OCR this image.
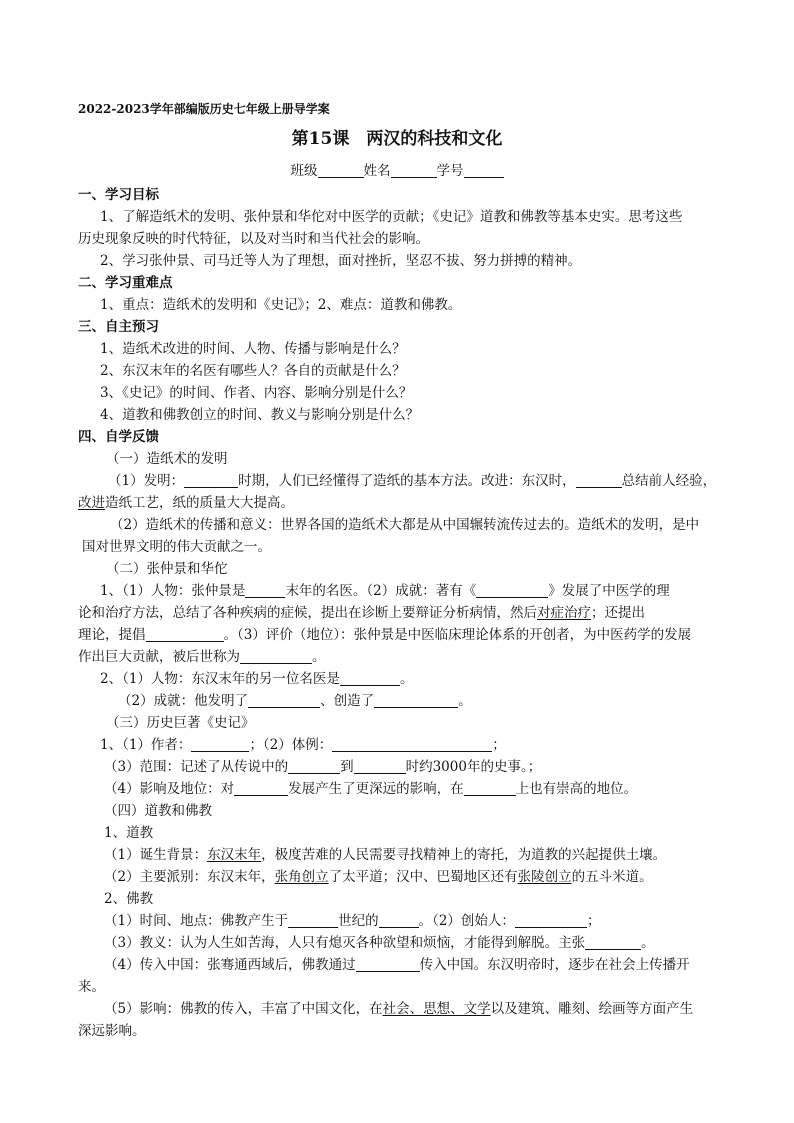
2022-2023学年部编版历史七年级上册导学案
第15课　两汉的科技和文化
班级	姓名	学号
一、学习目标
1、了解造纸术的发明、张仲景和华佗对中医学的贡献；《史记》道教和佛教等基本史实。思考这些
历史现象反映的时代特征，以及对当时和当代社会的影响。
2、学习张仲景、司马迁等人为了理想，面对挫折，坚忍不拔、努力拼搏的精神。
二、学习重难点
1、重点：造纸术的发明和《史记》；2、难点：道教和佛教。
三、自主预习
1、造纸术改进的时间、人物、传播与影响是什么？
2、东汉末年的名医有哪些人？各自的贡献是什么？
3、《史记》的时间、作者、内容、影响分别是什么？
4、道教和佛教创立的时间、教义与影响分别是什么？
四、自学反馈
（一）造纸术的发明
（1）发明：	时期，人们已经懂得了造纸的基本方法。改进：东汉时，	总结前人经验，
改进造纸工艺，纸的质量大大提高。
（2）造纸术的传播和意义：世界各国的造纸术大都是从中国辗转流传过去的。造纸术的发明，是中
国对世界文明的伟大贡献之一。
（二）张仲景和华佗
1、（1）人物：张仲景是	末年的名医。（2）成就：著有《	》发展了中医学的理
论和治疗方法，总结了各种疾病的症候，提出在诊断上要辩证分析病情，然后对症治疗；还提出
理论，提倡	。（3）评价（地位）：张仲景是中医临床理论体系的开创者，为中医药学的发展
作出巨大贡献，被后世称为	。
2、（1）人物：东汉末年的另一位名医是	。
（2）成就：他发明了	、创造了	。
（三）历史巨著《史记》
1、（1）作者：	；（2）体例：	；
（3）范围：记述了从传说中的	到	时约3000年的史事。；
（4）影响及地位：对	发展产生了更深远的影响，在	上也有崇高的地位。
（四）道教和佛教
1、道教
（1）诞生背景：东汉末年，极度苦难的人民需要寻找精神上的寄托，为道教的兴起提供土壤。
（2）主要派别：东汉末年，张角创立了太平道；汉中、巴蜀地区还有张陵创立的五斗米道。
2、佛教
（1）时间、地点：佛教产生于	世纪的	。（2）创始人：	；
（3）教义：认为人生如苦海，人只有熄灭各种欲望和烦恼，才能得到解脱。主张	。
（4）传入中国：张骞通西域后，佛教通过	传入中国。东汉明帝时，逐步在社会上传播开
来。
（5）影响：佛教的传入，丰富了中国文化，在社会、思想、文学以及建筑、雕刻、绘画等方面产生
深远影响。
